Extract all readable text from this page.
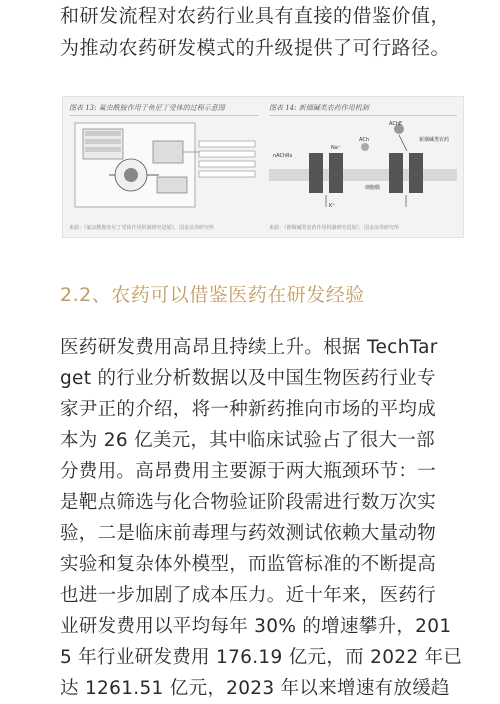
和研发流程对农药行业具有直接的借鉴价值，

为推动农药研发模式的升级提供了可行路径。

图表 13: 氟虫酰胺作用于鱼尼丁受体的过程示意图
来源：《氟虫酰胺鱼尼丁受体作用机制研究进展》，国金证券研究所
图表 14: 新烟碱类农药作用机制
AChE
ACh
nAChRs
新烟碱类农药
细胞膜
Na⁺
K⁺
来源：《新烟碱类农药作用机制研究进展》，国金证券研究所
2.2、农药可以借鉴医药在研发经验

医药研发费用高昂且持续上升。根据 TechTar

get 的行业分析数据以及中国生物医药行业专

家尹正的介绍，将一种新药推向市场的平均成

本为 26 亿美元，其中临床试验占了很大一部

分费用。高昂费用主要源于两大瓶颈环节：一

是靶点筛选与化合物验证阶段需进行数万次实

验，二是临床前毒理与药效测试依赖大量动物

实验和复杂体外模型，而监管标准的不断提高

也进一步加剧了成本压力。近十年来，医药行

业研发费用以平均每年 30% 的增速攀升，201

5 年行业研发费用 176.19 亿元，而 2022 年已

达 1261.51 亿元，2023 年以来增速有放缓趋
